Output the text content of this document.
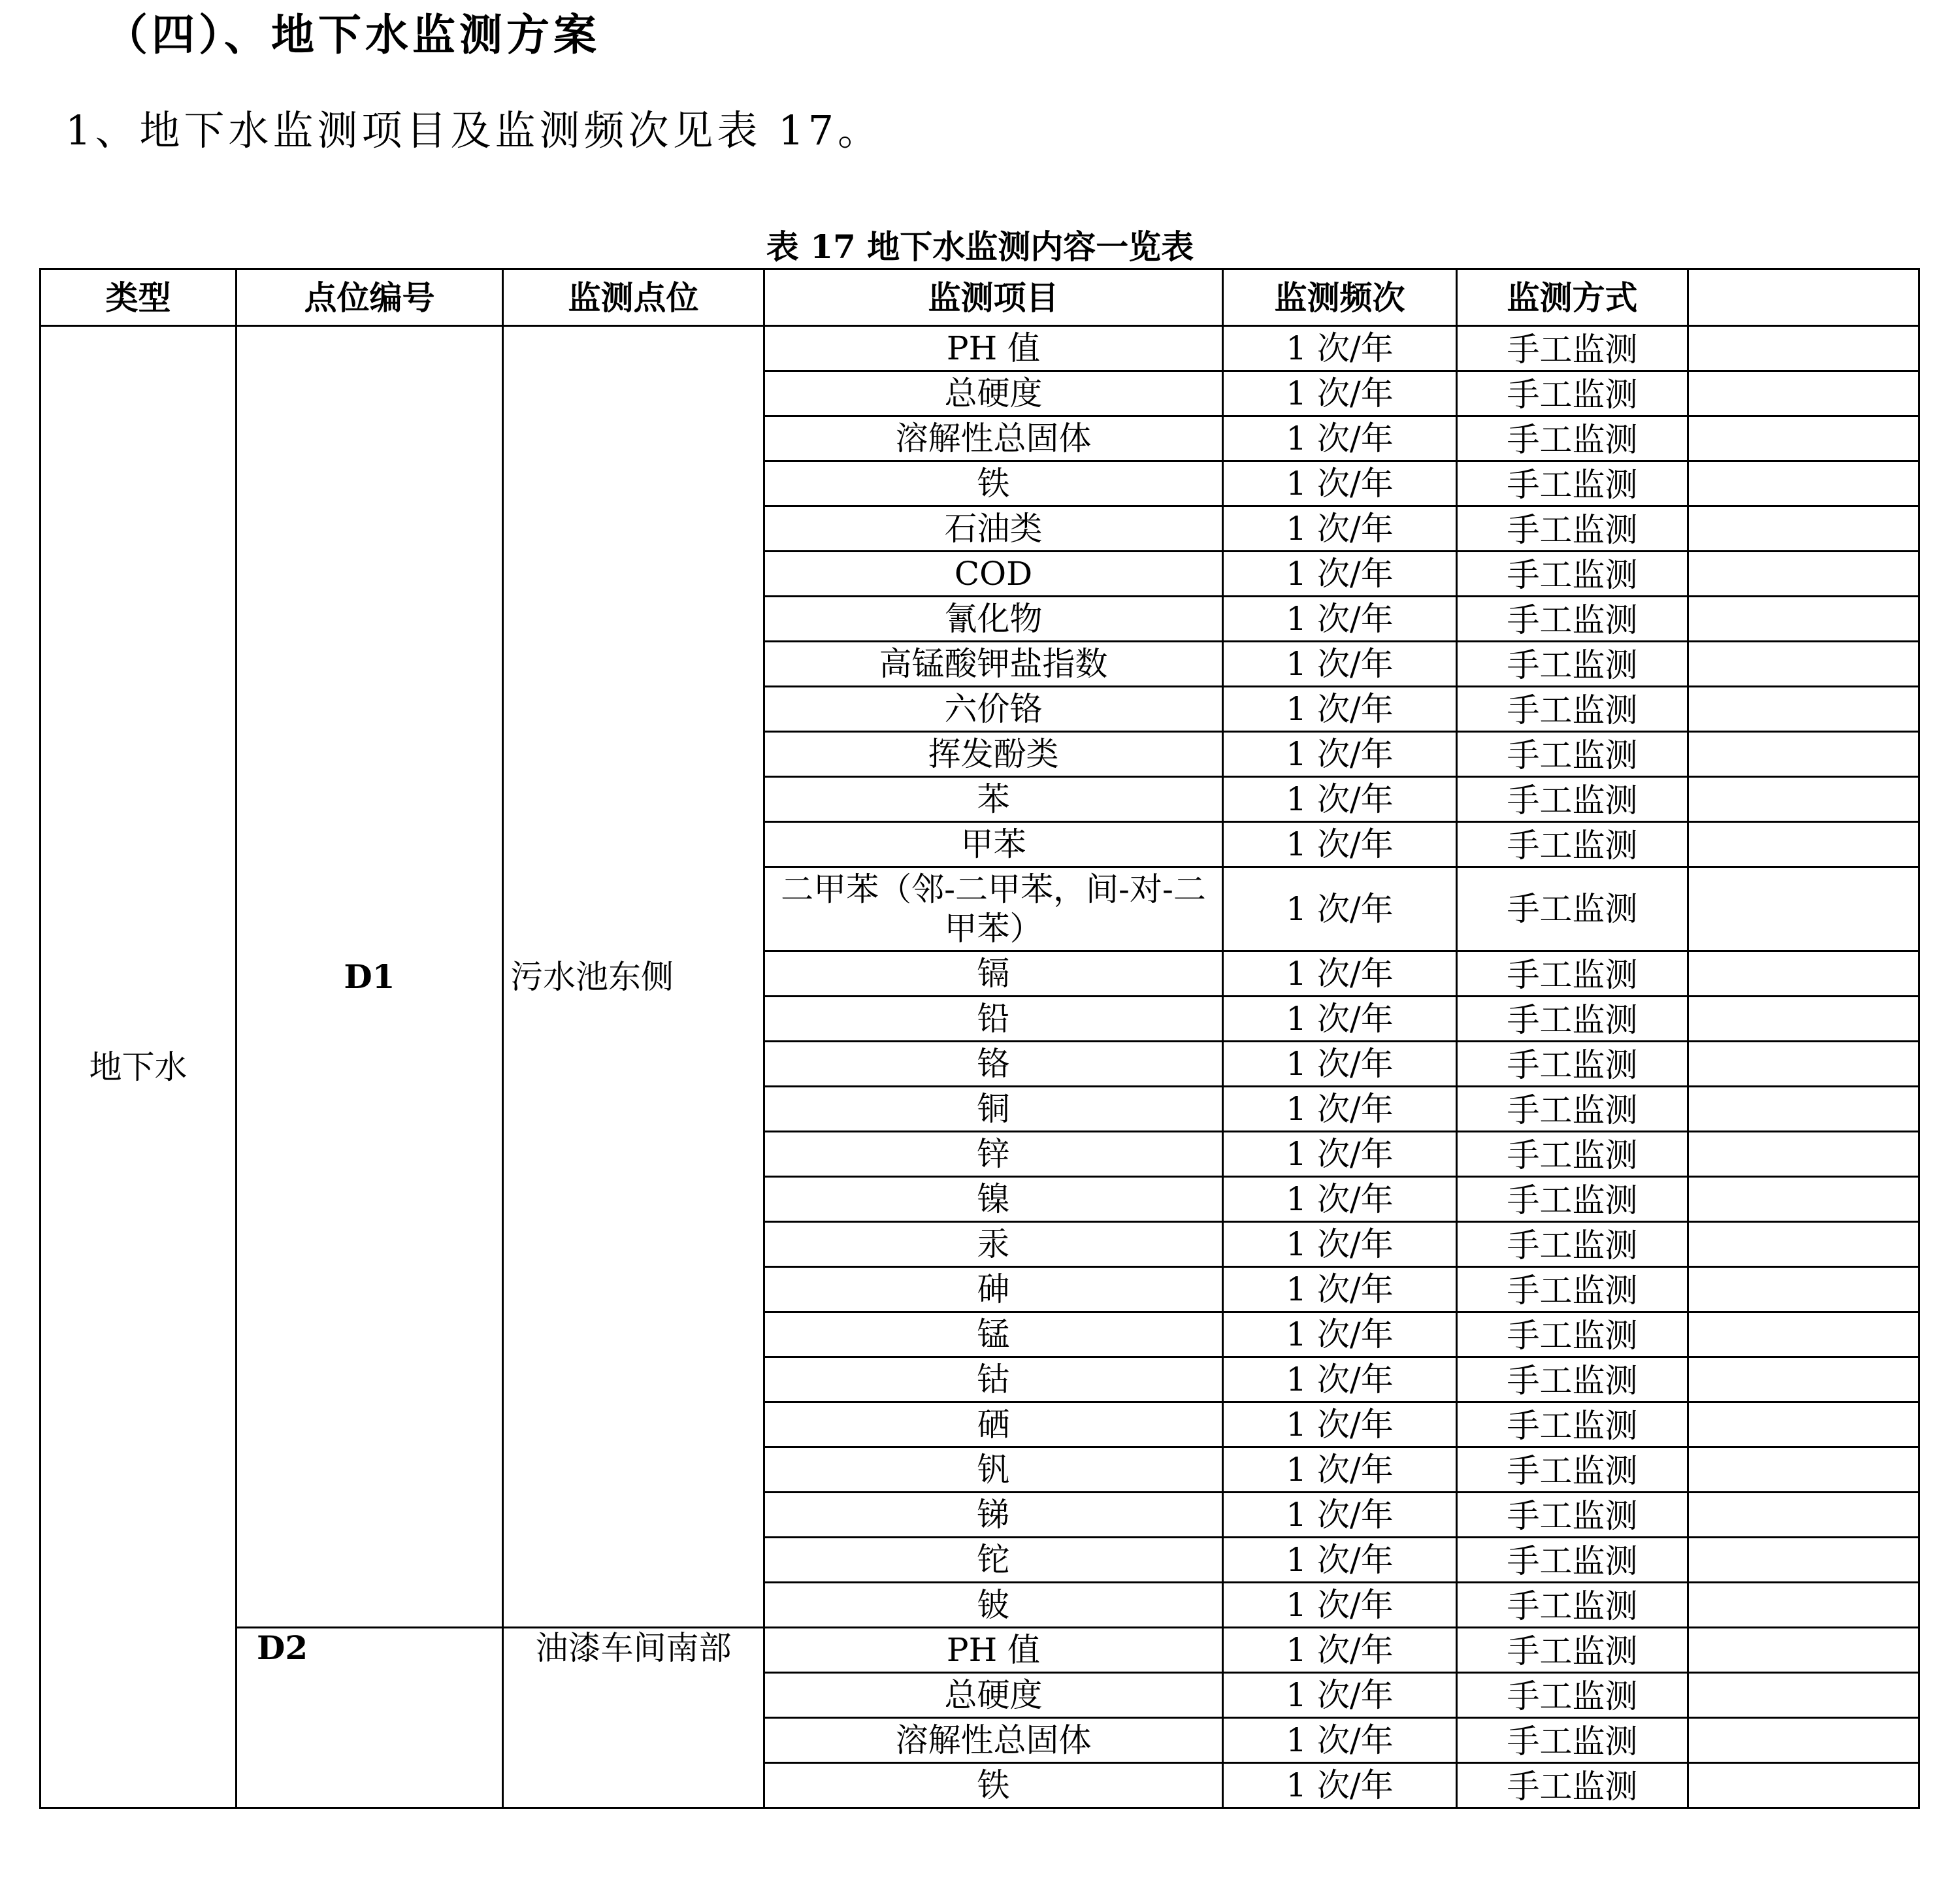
（四）、地下水监测方案
1、地下水监测项目及监测频次见表 17。
表 17 地下水监测内容一览表
类型	点位编号	监测点位	监测项目	监测频次	监测方式	

地下水	D1	污水池东侧	PH 值	1 次/年	手工监测	

			总硬度	1 次/年	手工监测	

			溶解性总固体	1 次/年	手工监测	

			铁	1 次/年	手工监测	

			石油类	1 次/年	手工监测	

			COD	1 次/年	手工监测	

			氰化物	1 次/年	手工监测	

			高锰酸钾盐指数	1 次/年	手工监测	

			六价铬	1 次/年	手工监测	

			挥发酚类	1 次/年	手工监测	

			苯	1 次/年	手工监测	

			甲苯	1 次/年	手工监测	

			二甲苯（邻-二甲苯，间-对-二甲苯）	1 次/年	手工监测	

			镉	1 次/年	手工监测	

			铅	1 次/年	手工监测	

			铬	1 次/年	手工监测	

			铜	1 次/年	手工监测	

			锌	1 次/年	手工监测	

			镍	1 次/年	手工监测	

			汞	1 次/年	手工监测	

			砷	1 次/年	手工监测	

			锰	1 次/年	手工监测	

			钴	1 次/年	手工监测	

			硒	1 次/年	手工监测	

			钒	1 次/年	手工监测	

			锑	1 次/年	手工监测	

			铊	1 次/年	手工监测	

			铍	1 次/年	手工监测	

	D2	油漆车间南部	PH 值	1 次/年	手工监测	

			总硬度	1 次/年	手工监测	

			溶解性总固体	1 次/年	手工监测	

			铁	1 次/年	手工监测	
